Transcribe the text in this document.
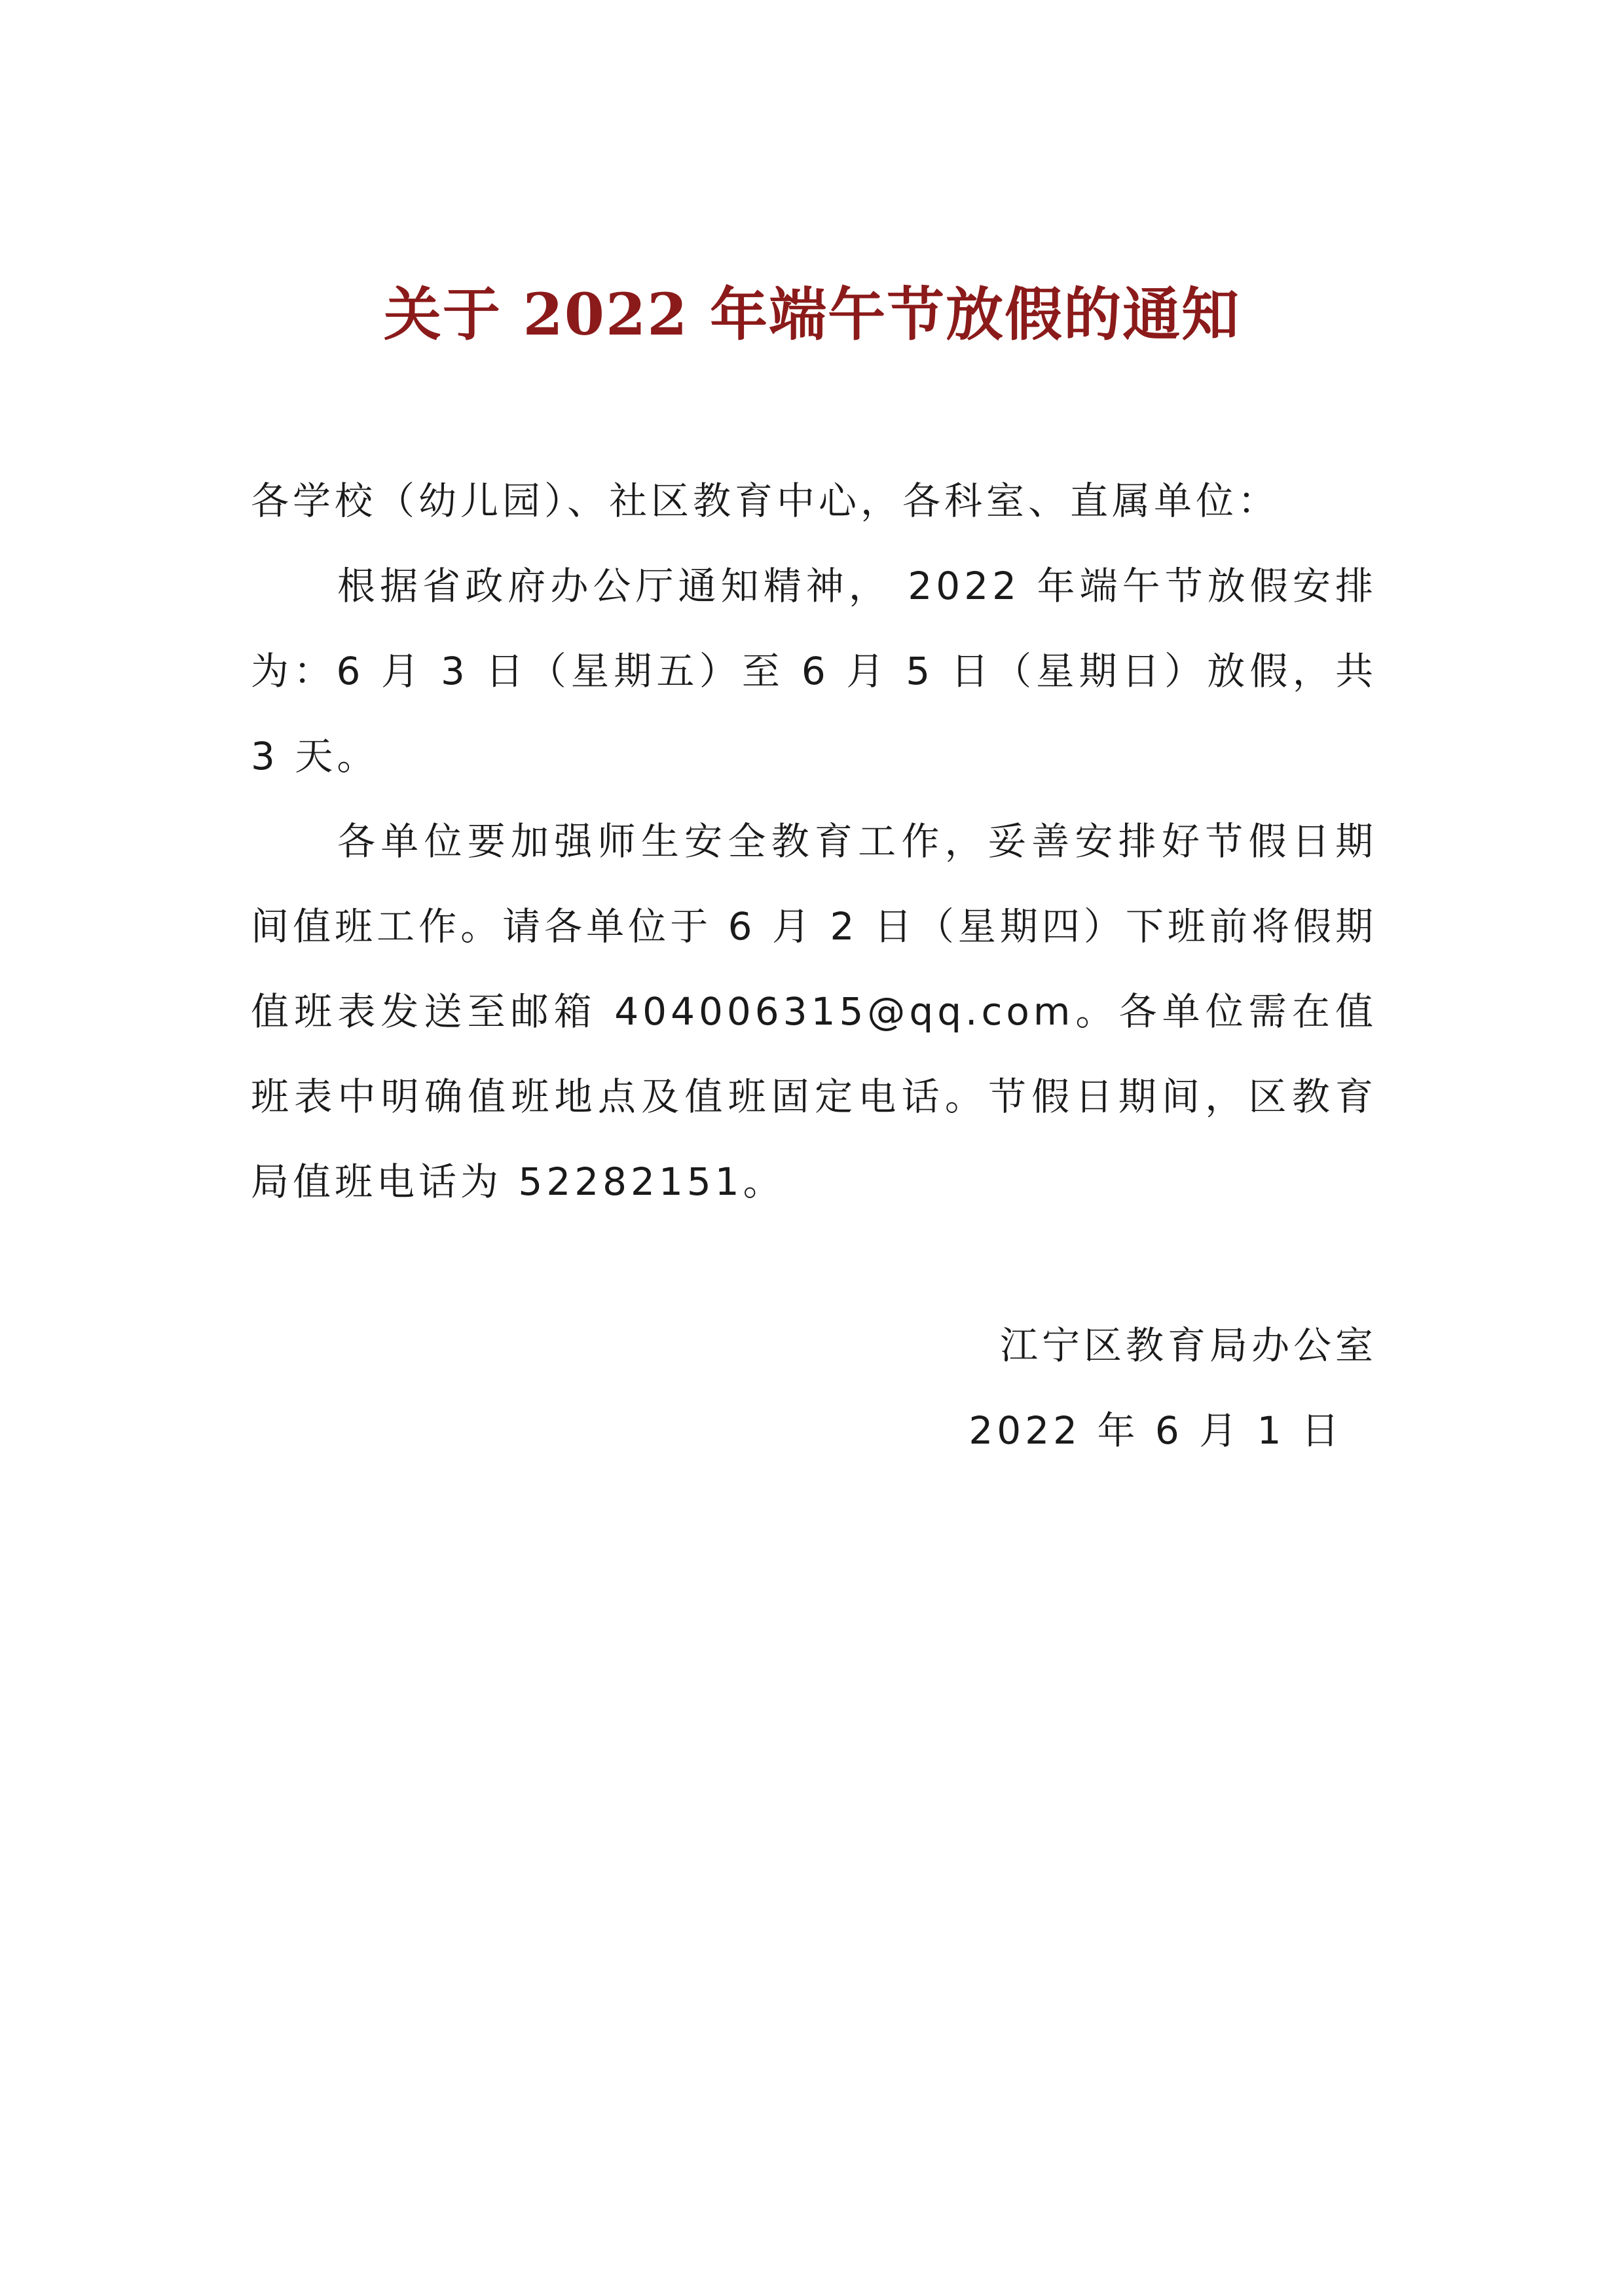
关于 2022 年端午节放假的通知
各学校（幼儿园）、社区教育中心，各科室、直属单位：

根据省政府办公厅通知精神， 2022 年端午节放假安排为：6 月 3 日（星期五）至 6 月 5 日（星期日）放假，共 3 天。

各单位要加强师生安全教育工作，妥善安排好节假日期间值班工作。请各单位于 6 月 2 日（星期四）下班前将假期值班表发送至邮箱 404006315@qq.com。各单位需在值班表中明确值班地点及值班固定电话。节假日期间，区教育局值班电话为 52282151。

江宁区教育局办公室
2022 年 6 月 1 日
